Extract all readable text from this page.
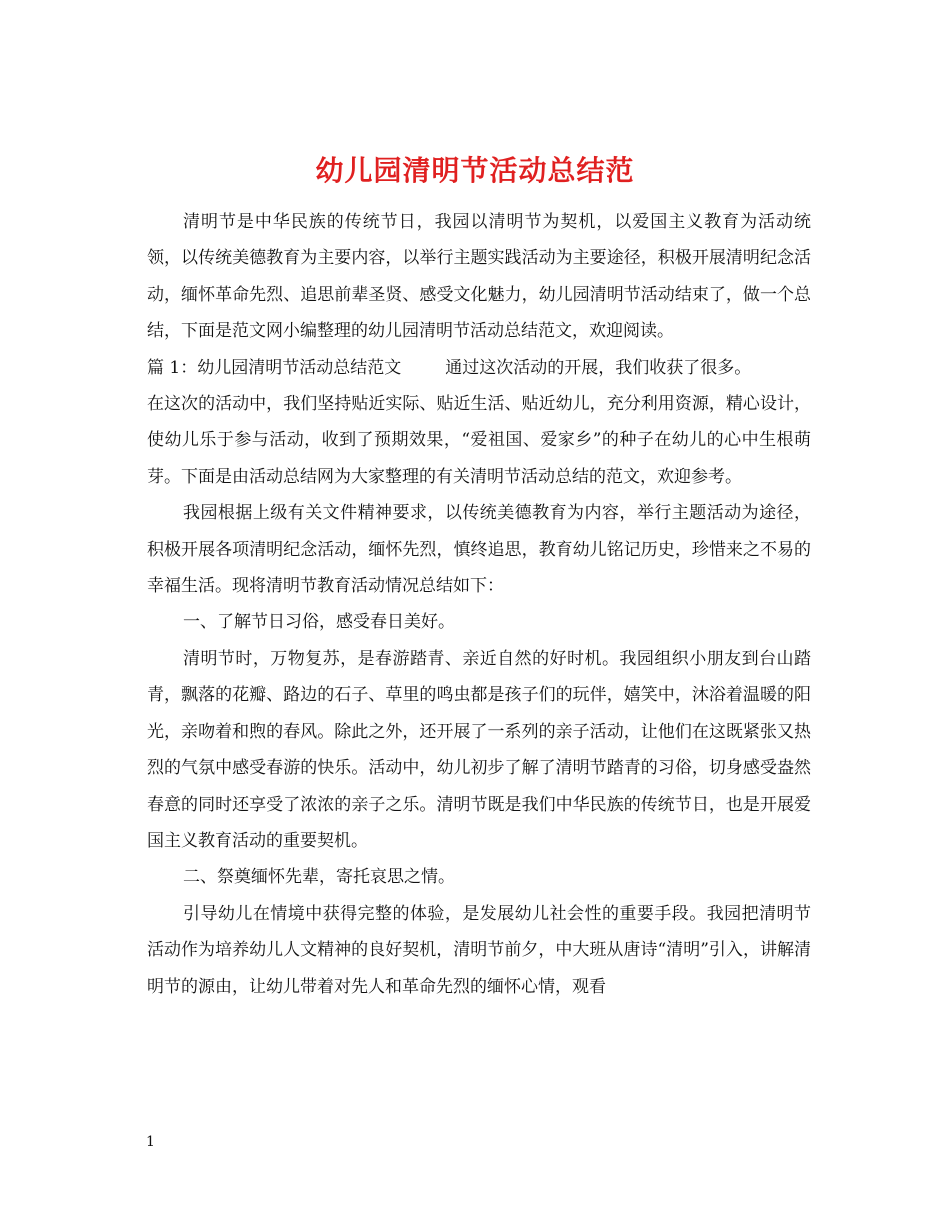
幼儿园清明节活动总结范

清明节是中华民族的传统节日，我园以清明节为契机，以爱国主义教育为活动统领，以传统美德教育为主要内容，以举行主题实践活动为主要途径，积极开展清明纪念活动，缅怀革命先烈、追思前辈圣贤、感受文化魅力，幼儿园清明节活动结束了，做一个总结，下面是范文网小编整理的幼儿园清明节活动总结范文，欢迎阅读。

篇 1：幼儿园清明节活动总结范文	通过这次活动的开展，我们收获了很多。

在这次的活动中，我们坚持贴近实际、贴近生活、贴近幼儿，充分利用资源，精心设计，使幼儿乐于参与活动，收到了预期效果，“爱祖国、爱家乡”的种子在幼儿的心中生根萌芽。下面是由活动总结网为大家整理的有关清明节活动总结的范文，欢迎参考。

我园根据上级有关文件精神要求，以传统美德教育为内容，举行主题活动为途径，积极开展各项清明纪念活动，缅怀先烈，慎终追思，教育幼儿铭记历史，珍惜来之不易的幸福生活。现将清明节教育活动情况总结如下：

一、了解节日习俗，感受春日美好。

清明节时，万物复苏，是春游踏青、亲近自然的好时机。我园组织小朋友到台山踏青，飘落的花瓣、路边的石子、草里的鸣虫都是孩子们的玩伴，嬉笑中，沐浴着温暖的阳光，亲吻着和煦的春风。除此之外，还开展了一系列的亲子活动，让他们在这既紧张又热烈的气氛中感受春游的快乐。活动中，幼儿初步了解了清明节踏青的习俗，切身感受盎然春意的同时还享受了浓浓的亲子之乐。清明节既是我们中华民族的传统节日，也是开展爱国主义教育活动的重要契机。

二、祭奠缅怀先辈，寄托哀思之情。

引导幼儿在情境中获得完整的体验，是发展幼儿社会性的重要手段。我园把清明节活动作为培养幼儿人文精神的良好契机，清明节前夕，中大班从唐诗“清明”引入，讲解清明节的源由，让幼儿带着对先人和革命先烈的缅怀心情，观看

1
